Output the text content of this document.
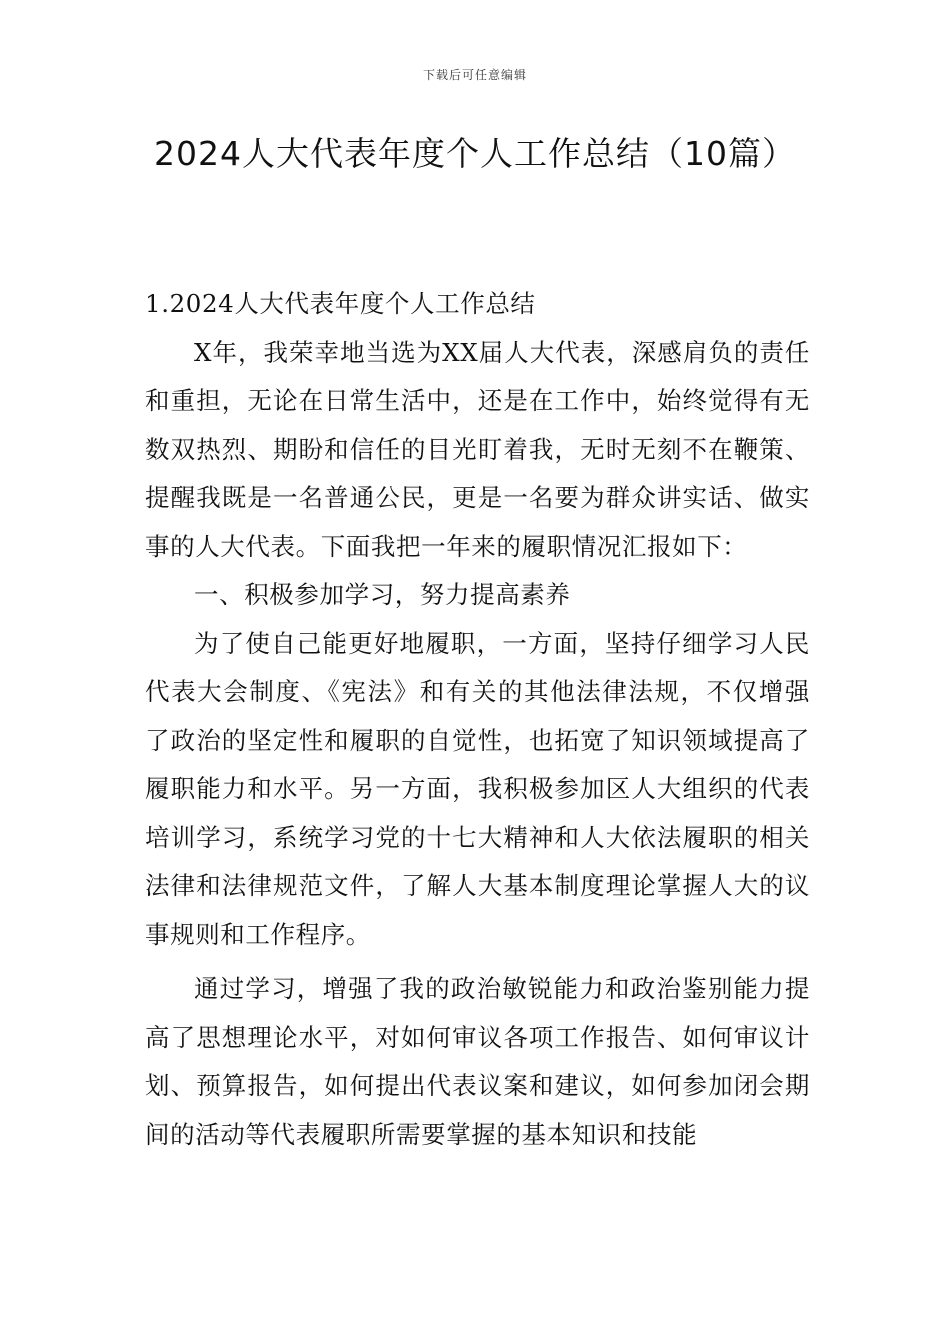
下载后可任意编辑
2024人大代表年度个人工作总结（10篇）

1.2024人大代表年度个人工作总结

X年，我荣幸地当选为XX届人大代表，深感肩负的责任和重担，无论在日常生活中，还是在工作中，始终觉得有无数双热烈、期盼和信任的目光盯着我，无时无刻不在鞭策、提醒我既是一名普通公民，更是一名要为群众讲实话、做实事的人大代表。下面我把一年来的履职情况汇报如下：

一、积极参加学习，努力提高素养

为了使自己能更好地履职，一方面，坚持仔细学习人民代表大会制度、《宪法》和有关的其他法律法规，不仅增强了政治的坚定性和履职的自觉性，也拓宽了知识领域提高了履职能力和水平。另一方面，我积极参加区人大组织的代表培训学习，系统学习党的十七大精神和人大依法履职的相关法律和法律规范文件，了解人大基本制度理论掌握人大的议事规则和工作程序。

通过学习，增强了我的政治敏锐能力和政治鉴别能力提高了思想理论水平，对如何审议各项工作报告、如何审议计划、预算报告，如何提出代表议案和建议，如何参加闭会期间的活动等代表履职所需要掌握的基本知识和技能
